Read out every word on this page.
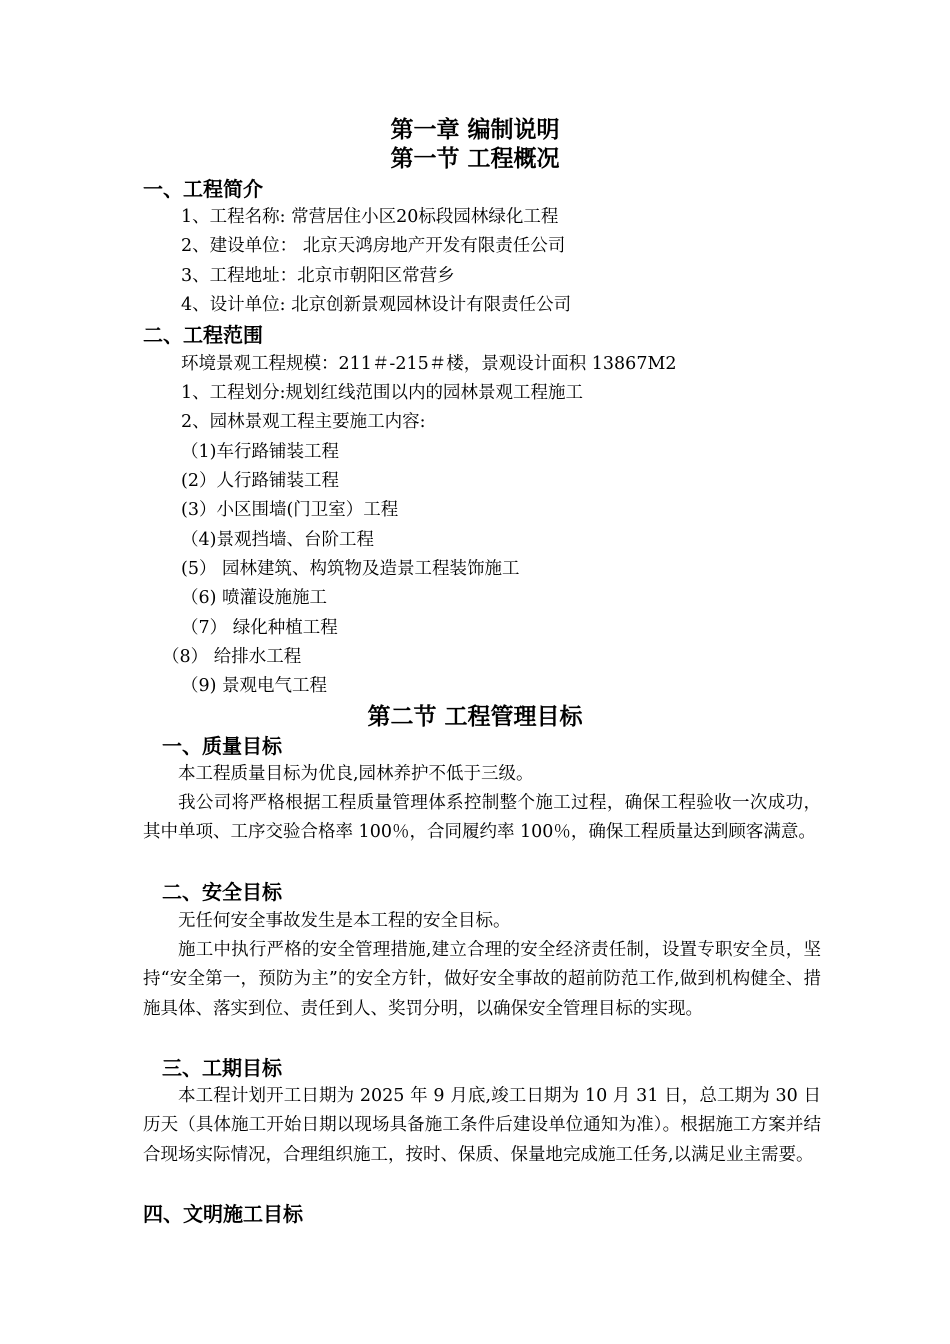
第一章 编制说明
第一节 工程概况
一、工程简介
1、工程名称: 常营居住小区20标段园林绿化工程
2、建设单位： 北京天鸿房地产开发有限责任公司
3、工程地址：北京市朝阳区常营乡
4、设计单位: 北京创新景观园林设计有限责任公司
二、工程范围
环境景观工程规模：211＃-215＃楼，景观设计面积 13867M2
1、工程划分:规划红线范围以内的园林景观工程施工
2、园林景观工程主要施工内容:
（1)车行路铺装工程
(2）人行路铺装工程
(3）小区围墙(门卫室）工程
（4)景观挡墙、台阶工程
(5） 园林建筑、构筑物及造景工程装饰施工
（6) 喷灌设施施工
（7） 绿化种植工程
（8） 给排水工程
（9) 景观电气工程
第二节 工程管理目标
一、质量目标
本工程质量目标为优良,园林养护不低于三级。
我公司将严格根据工程质量管理体系控制整个施工过程，确保工程验收一次成功，其中单项、工序交验合格率 100％，合同履约率 100％，确保工程质量达到顾客满意。
二、安全目标
无任何安全事故发生是本工程的安全目标。
施工中执行严格的安全管理措施,建立合理的安全经济责任制，设置专职安全员，坚持“安全第一，预防为主”的安全方针，做好安全事故的超前防范工作,做到机构健全、措施具体、落实到位、责任到人、奖罚分明，以确保安全管理目标的实现。
三、工期目标
本工程计划开工日期为 2025 年 9 月底,竣工日期为 10 月 31 日，总工期为 30 日历天（具体施工开始日期以现场具备施工条件后建设单位通知为准）。根据施工方案并结合现场实际情况，合理组织施工，按时、保质、保量地完成施工任务,以满足业主需要。
四、文明施工目标
